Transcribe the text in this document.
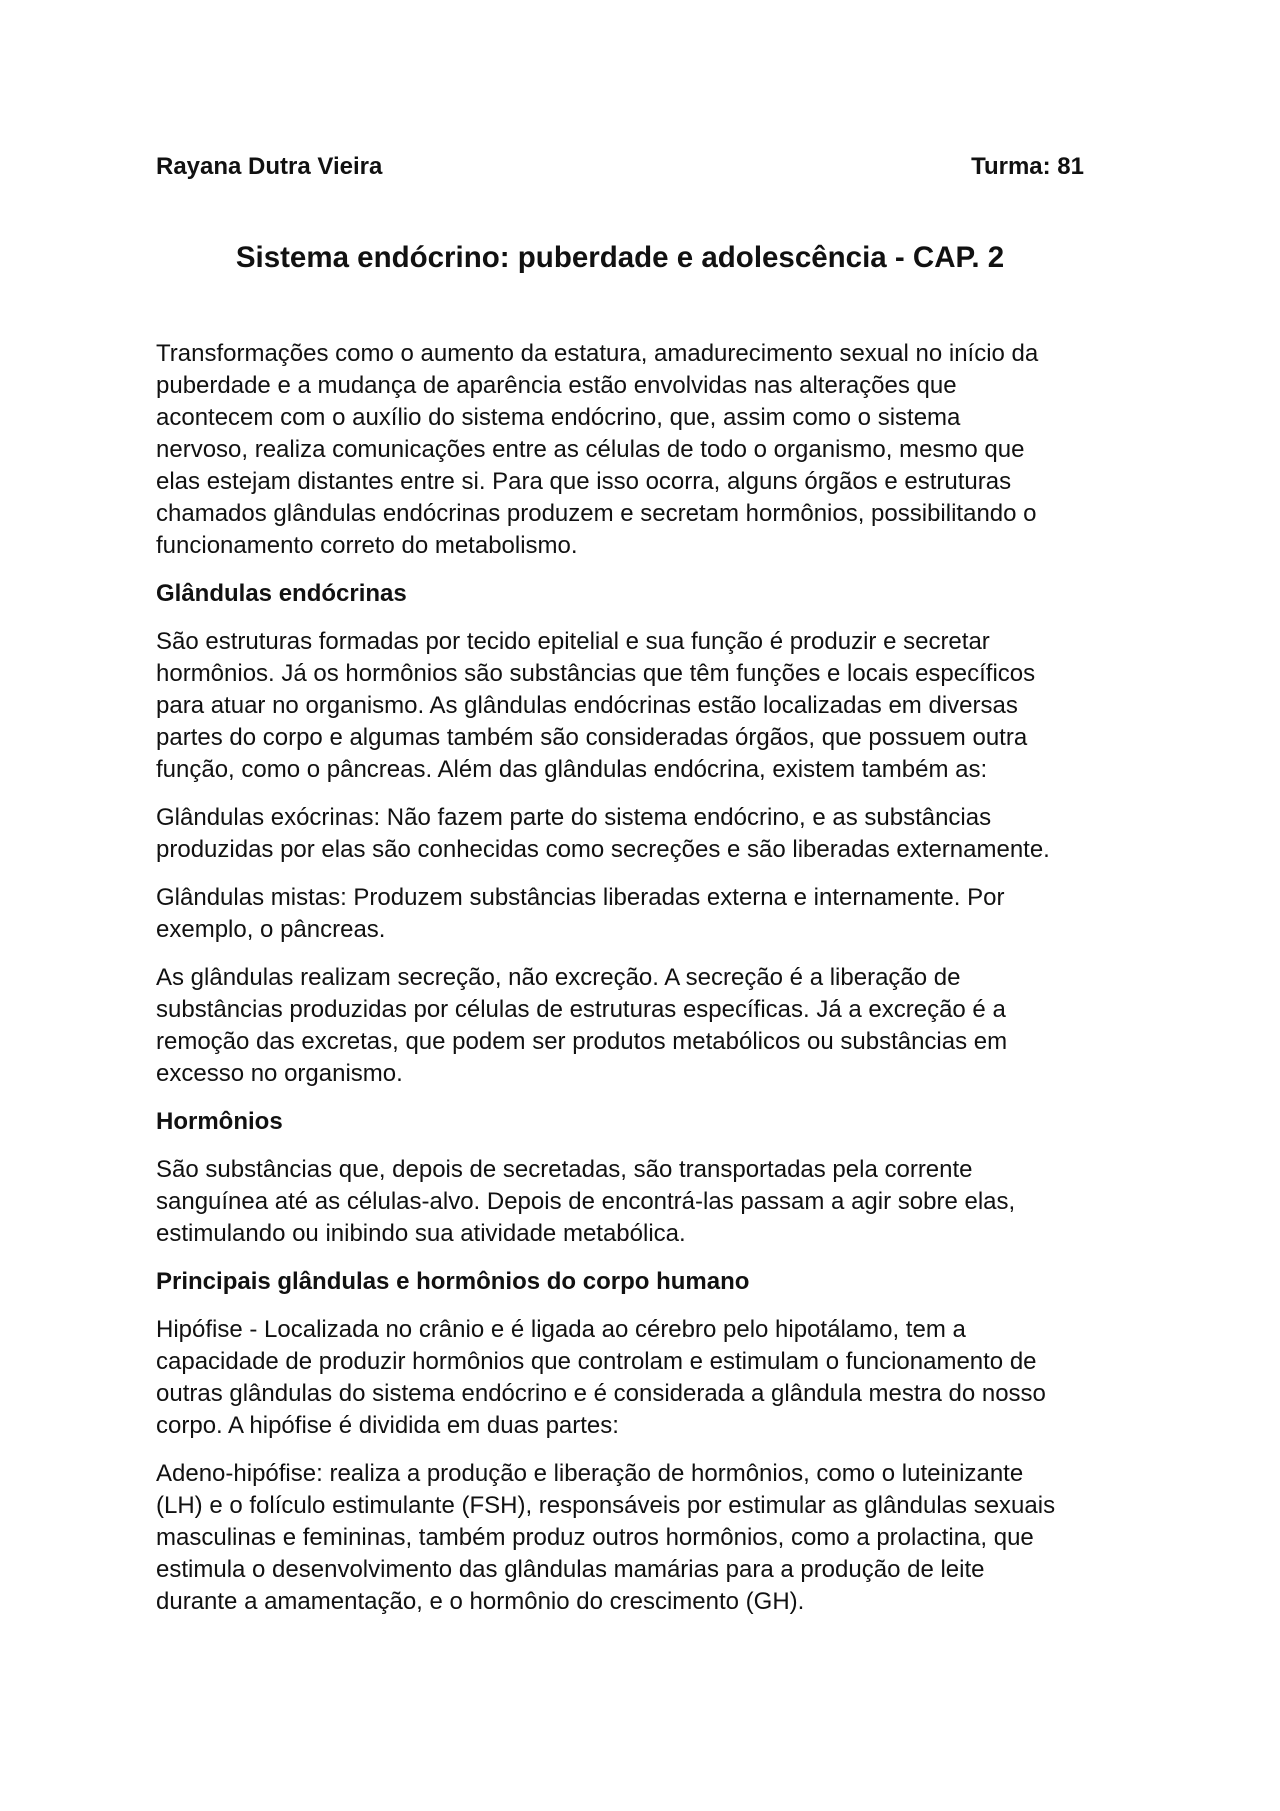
Rayana Dutra Vieira	Turma: 81
Sistema endócrino: puberdade e adolescência - CAP. 2

Transformações como o aumento da estatura, amadurecimento sexual no início da
puberdade e a mudança de aparência estão envolvidas nas alterações que
acontecem com o auxílio do sistema endócrino, que, assim como o sistema
nervoso, realiza comunicações entre as células de todo o organismo, mesmo que
elas estejam distantes entre si. Para que isso ocorra, alguns órgãos e estruturas
chamados glândulas endócrinas produzem e secretam hormônios, possibilitando o
funcionamento correto do metabolismo.

Glândulas endócrinas

São estruturas formadas por tecido epitelial e sua função é produzir e secretar
hormônios. Já os hormônios são substâncias que têm funções e locais específicos
para atuar no organismo. As glândulas endócrinas estão localizadas em diversas
partes do corpo e algumas também são consideradas órgãos, que possuem outra
função, como o pâncreas. Além das glândulas endócrina, existem também as:

Glândulas exócrinas: Não fazem parte do sistema endócrino, e as substâncias
produzidas por elas são conhecidas como secreções e são liberadas externamente.

Glândulas mistas: Produzem substâncias liberadas externa e internamente. Por
exemplo, o pâncreas.

As glândulas realizam secreção, não excreção. A secreção é a liberação de
substâncias produzidas por células de estruturas específicas. Já a excreção é a
remoção das excretas, que podem ser produtos metabólicos ou substâncias em
excesso no organismo.

Hormônios

São substâncias que, depois de secretadas, são transportadas pela corrente
sanguínea até as células-alvo. Depois de encontrá-las passam a agir sobre elas,
estimulando ou inibindo sua atividade metabólica.

Principais glândulas e hormônios do corpo humano

Hipófise - Localizada no crânio e é ligada ao cérebro pelo hipotálamo, tem a
capacidade de produzir hormônios que controlam e estimulam o funcionamento de
outras glândulas do sistema endócrino e é considerada a glândula mestra do nosso
corpo. A hipófise é dividida em duas partes:

Adeno-hipófise: realiza a produção e liberação de hormônios, como o luteinizante
(LH) e o folículo estimulante (FSH), responsáveis por estimular as glândulas sexuais
masculinas e femininas, também produz outros hormônios, como a prolactina, que
estimula o desenvolvimento das glândulas mamárias para a produção de leite
durante a amamentação, e o hormônio do crescimento (GH).
